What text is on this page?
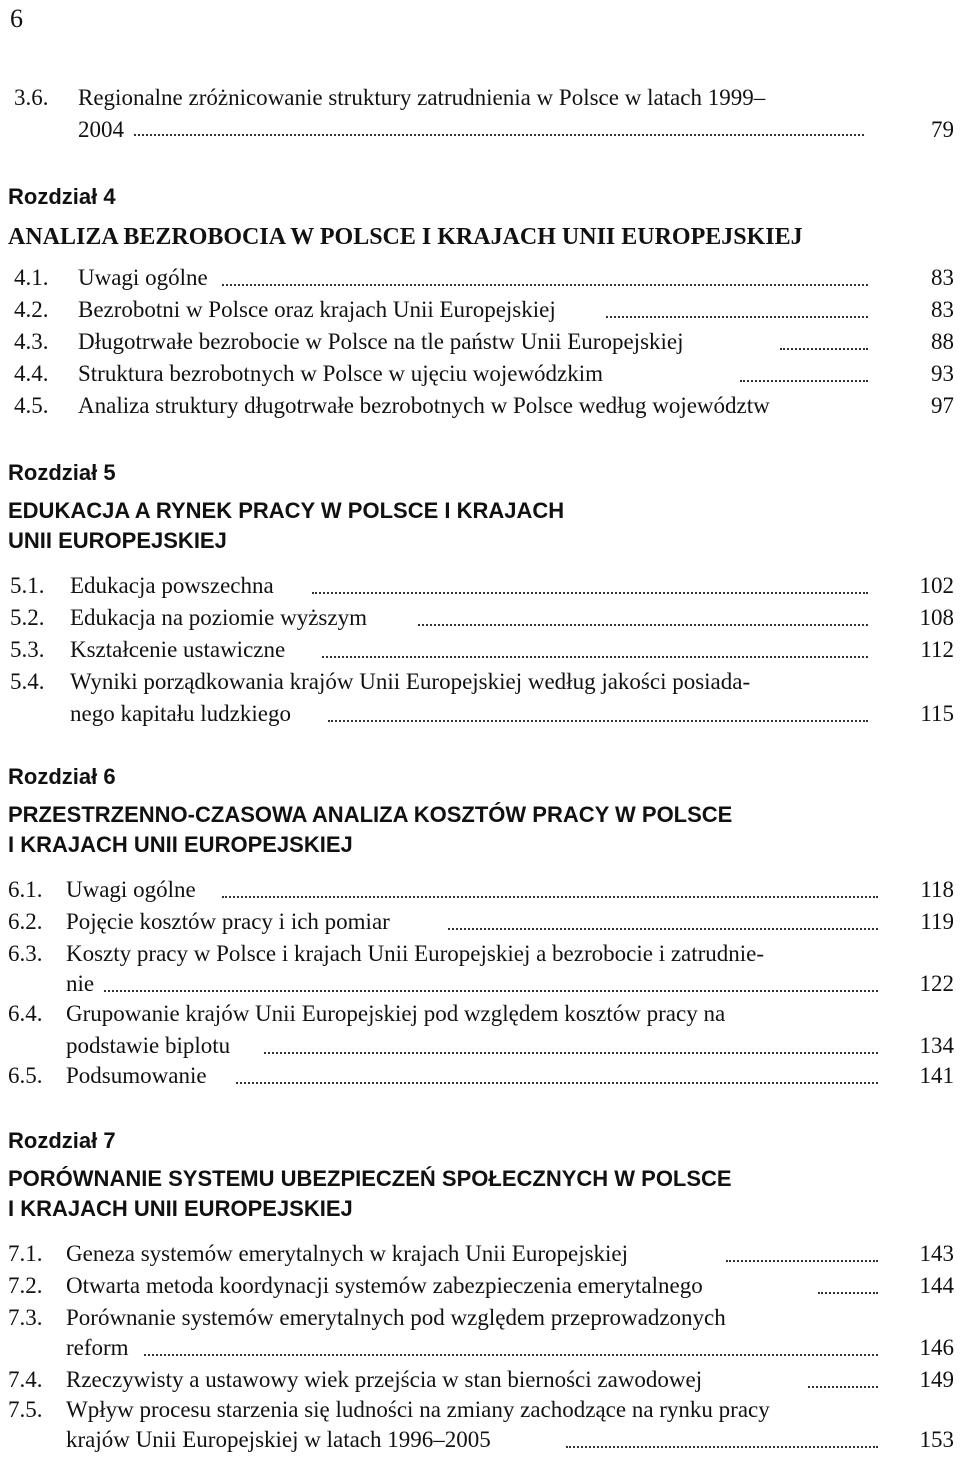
6
3.6. Regionalne zróżnicowanie struktury zatrudnienia w Polsce w latach 1999–
2004	79
Rozdział 4
ANALIZA BEZROBOCIA W POLSCE I KRAJACH UNII EUROPEJSKIEJ
4.1. Uwagi ogólne	83
4.2. Bezrobotni w Polsce oraz krajach Unii Europejskiej	83
4.3. Długotrwałe bezrobocie w Polsce na tle państw Unii Europejskiej	88
4.4. Struktura bezrobotnych w Polsce w ujęciu wojewódzkim	93
4.5. Analiza struktury długotrwałe bezrobotnych w Polsce według województw	97
Rozdział 5
EDUKACJA A RYNEK PRACY W POLSCE I KRAJACH
UNII EUROPEJSKIEJ
5.1. Edukacja powszechna	102
5.2. Edukacja na poziomie wyższym	108
5.3. Kształcenie ustawiczne	112
5.4. Wyniki porządkowania krajów Unii Europejskiej według jakości posiada-
nego kapitału ludzkiego	115
Rozdział 6
PRZESTRZENNO-CZASOWA ANALIZA KOSZTÓW PRACY W POLSCE
I KRAJACH UNII EUROPEJSKIEJ
6.1. Uwagi ogólne	118
6.2. Pojęcie kosztów pracy i ich pomiar	119
6.3. Koszty pracy w Polsce i krajach Unii Europejskiej a bezrobocie i zatrudnie-
nie	122
6.4. Grupowanie krajów Unii Europejskiej pod względem kosztów pracy na
podstawie biplotu	134
6.5. Podsumowanie	141
Rozdział 7
PORÓWNANIE SYSTEMU UBEZPIECZEŃ SPOŁECZNYCH W POLSCE
I KRAJACH UNII EUROPEJSKIEJ
7.1. Geneza systemów emerytalnych w krajach Unii Europejskiej	143
7.2. Otwarta metoda koordynacji systemów zabezpieczenia emerytalnego	144
7.3. Porównanie systemów emerytalnych pod względem przeprowadzonych
reform	146
7.4. Rzeczywisty a ustawowy wiek przejścia w stan bierności zawodowej	149
7.5. Wpływ procesu starzenia się ludności na zmiany zachodzące na rynku pracy
krajów Unii Europejskiej w latach 1996–2005	153
